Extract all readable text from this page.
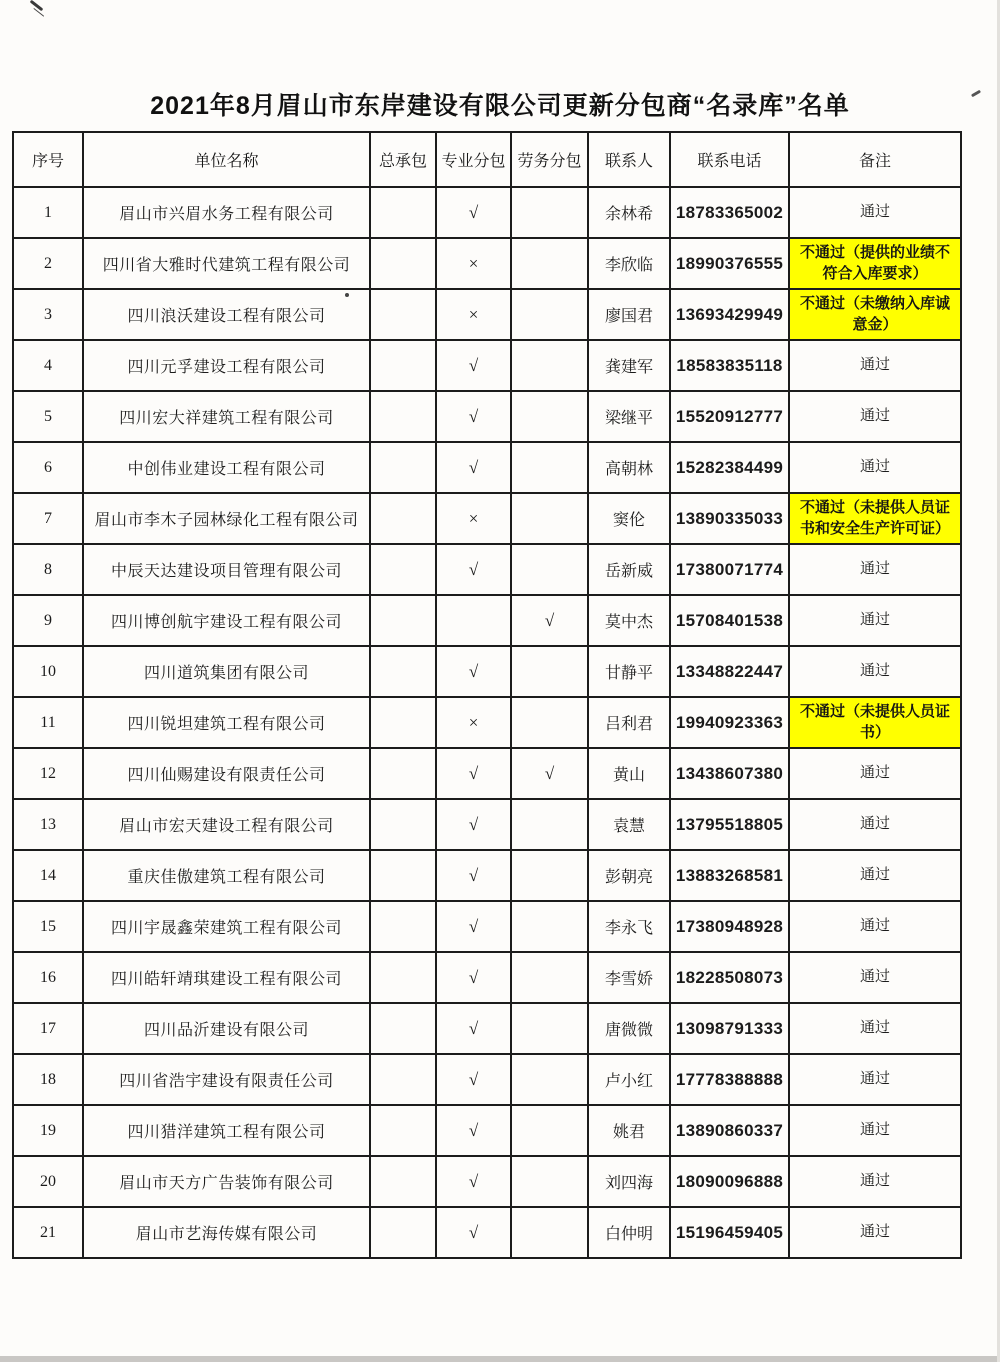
2021年8月眉山市东岸建设有限公司更新分包商“名录库”名单
序号	单位名称	总承包	专业分包	劳务分包	联系人	联系电话	备注
1	眉山市兴眉水务工程有限公司		√		余林希	18783365002	通过
2	四川省大雅时代建筑工程有限公司		×		李欣临	18990376555	不通过（提供的业绩不符合入库要求）
3	四川浪沃建设工程有限公司		×		廖国君	13693429949	不通过（未缴纳入库诚意金）
4	四川元孚建设工程有限公司		√		龚建军	18583835118	通过
5	四川宏大祥建筑工程有限公司		√		梁继平	15520912777	通过
6	中创伟业建设工程有限公司		√		高朝林	15282384499	通过
7	眉山市李木子园林绿化工程有限公司		×		窦伦	13890335033	不通过（未提供人员证书和安全生产许可证）
8	中辰天达建设项目管理有限公司		√		岳新威	17380071774	通过
9	四川博创航宇建设工程有限公司			√	莫中杰	15708401538	通过
10	四川道筑集团有限公司		√		甘静平	13348822447	通过
11	四川锐坦建筑工程有限公司		×		吕利君	19940923363	不通过（未提供人员证书）
12	四川仙赐建设有限责任公司		√	√	黄山	13438607380	通过
13	眉山市宏天建设工程有限公司		√		袁慧	13795518805	通过
14	重庆佳傲建筑工程有限公司		√		彭朝亮	13883268581	通过
15	四川宇晟鑫荣建筑工程有限公司		√		李永飞	17380948928	通过
16	四川皓轩靖琪建设工程有限公司		√		李雪娇	18228508073	通过
17	四川品沂建设有限公司		√		唐微微	13098791333	通过
18	四川省浩宇建设有限责任公司		√		卢小红	17778388888	通过
19	四川猎洋建筑工程有限公司		√		姚君	13890860337	通过
20	眉山市天方广告装饰有限公司		√		刘四海	18090096888	通过
21	眉山市艺海传媒有限公司		√		白仲明	15196459405	通过
